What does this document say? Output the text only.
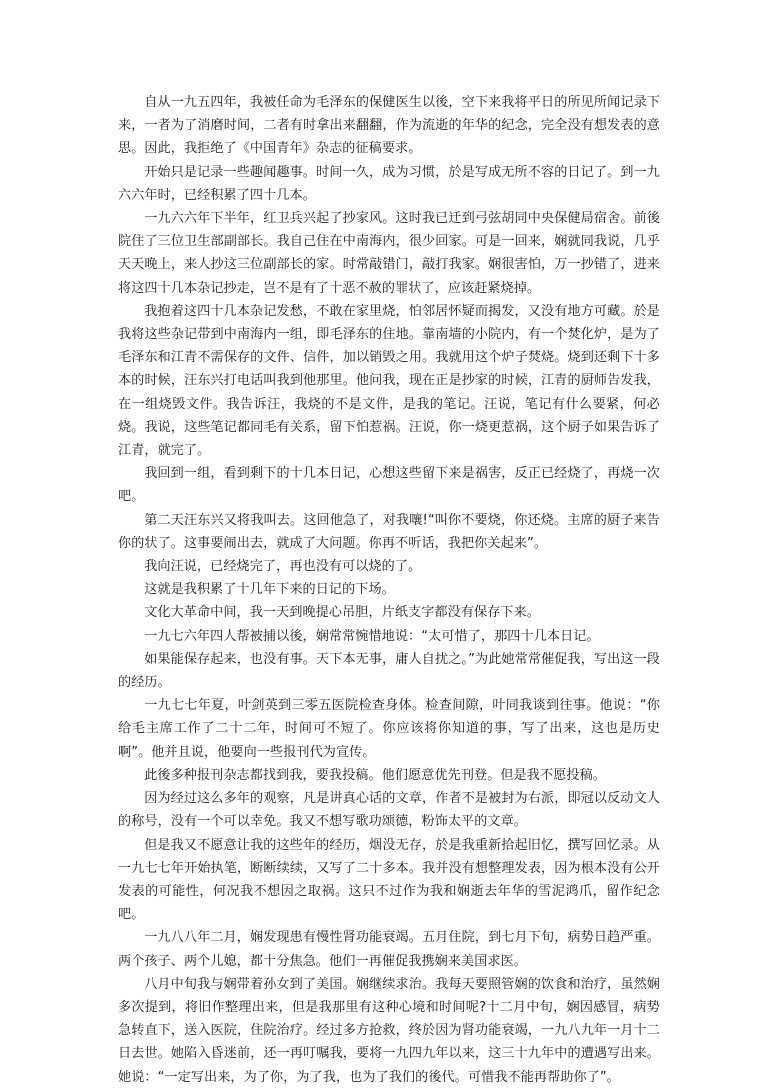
自从一九五四年，我被任命为毛泽东的保健医生以後，空下来我将平日的所见所闻记录下来，一者为了消磨时间，二者有时拿出来翻翻，作为流逝的年华的纪念，完全没有想发表的意思。因此，我拒绝了《中国青年》杂志的征稿要求。

开始只是记录一些趣闻趣事。时间一久，成为习惯，於是写成无所不容的日记了。到一九六六年时，已经积累了四十几本。

一九六六年下半年，红卫兵兴起了抄家风。这时我已迁到弓弦胡同中央保健局宿舍。前後院住了三位卫生部副部长。我自己住在中南海内，很少回家。可是一回来，娴就同我说，几乎天天晚上，来人抄这三位副部长的家。时常敲错门，敲打我家。娴很害怕，万一抄错了，进来将这四十几本杂记抄走，岂不是有了十恶不赦的罪状了，应该赶紧烧掉。

我抱着这四十几本杂记发愁，不敢在家里烧，怕邻居怀疑而揭发，又没有地方可藏。於是我将这些杂记带到中南海内一组，即毛泽东的住地。靠南墙的小院内，有一个焚化炉，是为了毛泽东和江青不需保存的文件、信件，加以销毁之用。我就用这个炉子焚烧。烧到还剩下十多本的时候，汪东兴打电话叫我到他那里。他问我，现在正是抄家的时候，江青的厨师告发我，在一组烧毁文件。我告诉汪，我烧的不是文件，是我的笔记。汪说，笔记有什么要紧，何必烧。我说，这些笔记都同毛有关系，留下怕惹祸。汪说，你一烧更惹祸，这个厨子如果告诉了江青，就完了。

我回到一组，看到剩下的十几本日记，心想这些留下来是祸害，反正已经烧了，再烧一次吧。

第二天汪东兴又将我叫去。这回他急了，对我嚷!“叫你不要烧，你还烧。主席的厨子来告你的状了。这事要闹出去，就成了大问题。你再不听话，我把你关起来”。

我向汪说，已经烧完了，再也没有可以烧的了。

这就是我积累了十几年下来的日记的下场。

文化大革命中间，我一天到晚提心吊胆，片纸支字都没有保存下来。

一九七六年四人帮被捕以後，娴常常惋惜地说：“太可惜了，那四十几本日记。

如果能保存起来，也没有事。天下本无事，庸人自扰之。”为此她常常催促我，写出这一段的经历。

一九七七年夏，叶剑英到三零五医院检查身体。检查间隙，叶同我谈到往事。他说：“你给毛主席工作了二十二年，时间可不短了。你应该将你知道的事，写了出来，这也是历史啊”。他并且说，他要向一些报刊代为宣传。

此後多种报刊杂志都找到我，要我投稿。他们愿意优先刊登。但是我不愿投稿。

因为经过这么多年的观察，凡是讲真心话的文章，作者不是被封为右派，即冠以反动文人的称号，没有一个可以幸免。我又不想写歌功颂德，粉饰太平的文章。

但是我又不愿意让我的这些年的经历，烟没无存，於是我重新拾起旧忆，撰写回忆录。从一九七七年开始执笔，断断续续，又写了二十多本。我并没有想整理发表，因为根本没有公开发表的可能性，何况我不想因之取祸。这只不过作为我和娴逝去年华的雪泥鸿爪，留作纪念吧。

一九八八年二月，娴发现患有慢性肾功能衰竭。五月住院，到七月下旬，病势日趋严重。两个孩子、两个儿媳，都十分焦急。他们一再催促我携娴来美国求医。

八月中旬我与娴带着孙女到了美国。娴继续求治。我每天要照管娴的饮食和治疗，虽然娴多次提到，将旧作整理出来，但是我那里有这种心境和时间呢?十二月中旬，娴因感冒，病势急转直下，送入医院，住院治疗。经过多方抢救，终於因为肾功能衰竭，一九八九年一月十二日去世。她陷入昏迷前，还一再叮嘱我，要将一九四九年以来，这三十九年中的遭遇写出来。她说：“一定写出来，为了你，为了我，也为了我们的後代。可惜我不能再帮助你了”。
